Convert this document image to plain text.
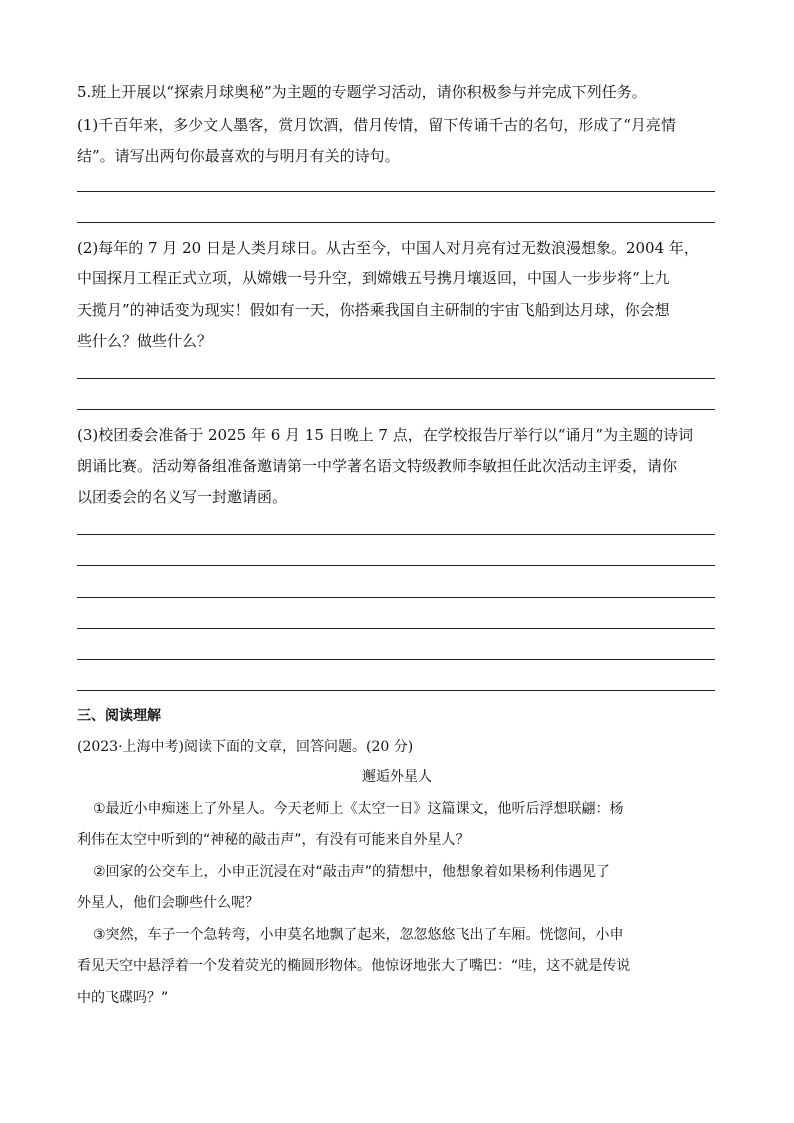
5.班上开展以“探索月球奥秘”为主题的专题学习活动，请你积极参与并完成下列任务。
(1)千百年来，多少文人墨客，赏月饮酒，借月传情，留下传诵千古的名句，形成了“月亮情
结”。请写出两句你最喜欢的与明月有关的诗句。
(2)每年的 7 月 20 日是人类月球日。从古至今，中国人对月亮有过无数浪漫想象。2004 年，
中国探月工程正式立项，从嫦娥一号升空，到嫦娥五号携月壤返回，中国人一步步将“上九
天揽月”的神话变为现实！假如有一天，你搭乘我国自主研制的宇宙飞船到达月球，你会想
些什么？做些什么？
(3)校团委会准备于 2025 年 6 月 15 日晚上 7 点，在学校报告厅举行以“诵月”为主题的诗词
朗诵比赛。活动筹备组准备邀请第一中学著名语文特级教师李敏担任此次活动主评委，请你
以团委会的名义写一封邀请函。
三、阅读理解
(2023·上海中考)阅读下面的文章，回答问题。(20 分)
邂逅外星人
①最近小申痴迷上了外星人。今天老师上《太空一日》这篇课文，他听后浮想联翩：杨
利伟在太空中听到的“神秘的敲击声”，有没有可能来自外星人？
②回家的公交车上，小申正沉浸在对“敲击声”的猜想中，他想象着如果杨利伟遇见了
外星人，他们会聊些什么呢？
③突然，车子一个急转弯，小申莫名地飘了起来，忽忽悠悠飞出了车厢。恍惚间，小申
看见天空中悬浮着一个发着荧光的椭圆形物体。他惊讶地张大了嘴巴：“哇，这不就是传说
中的飞碟吗？”
